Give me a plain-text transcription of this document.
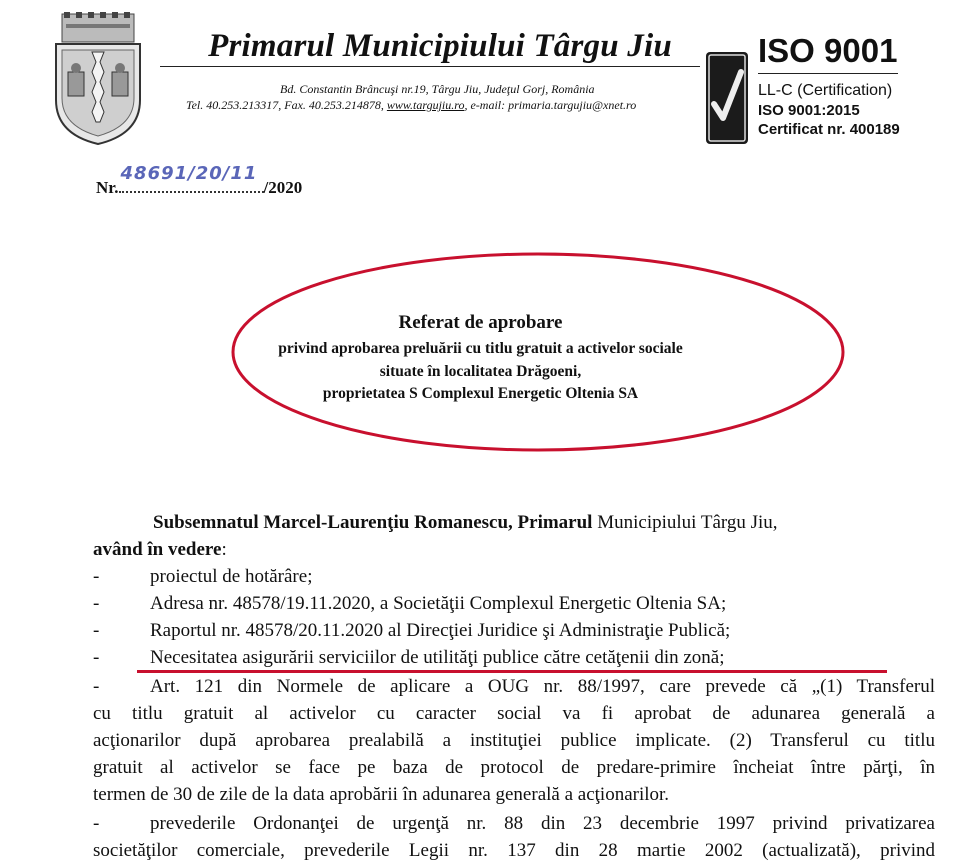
Primarul Municipiului Târgu Jiu
Bd. Constantin Brâncuşi nr.19, Târgu Jiu, Judeţul Gorj, România
Tel. 40.253.213317, Fax. 40.253.214878, www.targujiu.ro, e-mail: primaria.targujiu@xnet.ro
ISO 9001
LL-C (Certification)
ISO 9001:2015
Certificat nr. 400189
Nr.
48691/20/11
/2020
Referat de aprobare
privind aprobarea preluării cu titlu gratuit a activelor sociale
situate în localitatea Drăgoeni,
proprietatea S Complexul Energetic Oltenia SA
Subsemnatul Marcel-Laurenţiu Romanescu, Primarul Municipiului Târgu Jiu,
având în vedere:
-	proiectul de hotărâre;
-	Adresa nr. 48578/19.11.2020, a Societăţii Complexul Energetic Oltenia SA;
-	Raportul nr. 48578/20.11.2020 al Direcţiei Juridice şi Administraţie Publică;
-	Necesitatea asigurării serviciilor de utilităţi publice către cetăţenii din zonă;
-	Art. 121 din Normele de aplicare a OUG nr. 88/1997, care prevede că „(1) Transferul
cu titlu gratuit al activelor cu caracter social va fi aprobat de adunarea generală a
acţionarilor după aprobarea prealabilă a instituţiei publice implicate. (2) Transferul cu titlu
gratuit al activelor se face pe baza de protocol de predare-primire încheiat între părţi, în
termen de 30 de zile de la data aprobării în adunarea generală a acţionarilor.
-	prevederile Ordonanţei de urgenţă nr. 88 din 23 decembrie 1997 privind privatizarea
societăţilor comerciale, prevederile Legii nr. 137 din 28 martie 2002 (actualizată), privind
